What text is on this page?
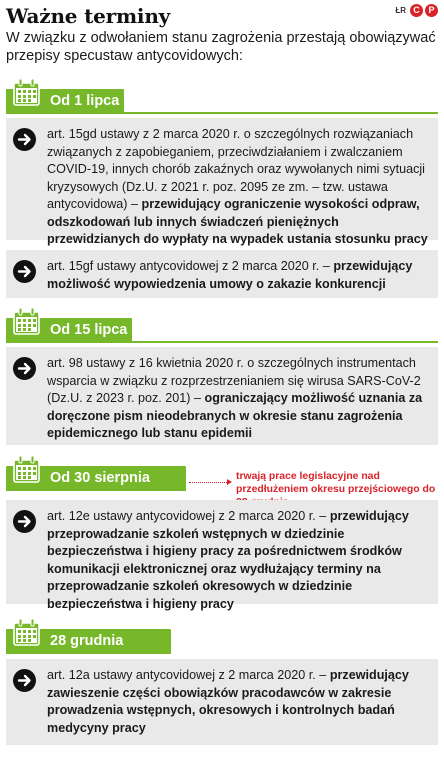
Ważne terminy	ŁR C P
W związku z odwołaniem stanu zagrożenia przestają obowiązywać przepisy specustaw antycovidowych:
Od 1 lipca
art. 15gd ustawy z 2 marca 2020 r. o szczególnych rozwiązaniach związanych z zapobieganiem, przeciwdziałaniem i zwalczaniem COVID-19, innych chorób zakaźnych oraz wywołanych nimi sytuacji kryzysowych (Dz.U. z 2021 r. poz. 2095 ze zm. – tzw. ustawa antycovidowa) – przewidujący ograniczenie wysokości odpraw, odszkodowań lub innych świadczeń pieniężnych przewidzianych do wypłaty na wypadek ustania stosunku pracy
art. 15gf ustawy antycovidowej z 2 marca 2020 r. – przewidujący możliwość wypowiedzenia umowy o zakazie konkurencji
Od 15 lipca
art. 98 ustawy z 16 kwietnia 2020 r. o szczególnych instrumentach wsparcia w związku z rozprzestrzenianiem się wirusa SARS-CoV-2 (Dz.U. z 2023 r. poz. 201) – ograniczający możliwość uznania za doręczone pism nieodebranych w okresie stanu zagrożenia epidemicznego lub stanu epidemii
Od 30 sierpnia	trwają prace legislacyjne nad przedłużeniem okresu przejściowego do
art. 12e ustawy antycovidowej z 2 marca 2020 r. – przewidujący przeprowadzanie szkoleń wstępnych w dziedzinie bezpieczeństwa i higieny pracy za pośrednictwem środków komunikacji elektronicznej oraz wydłużający terminy na przeprowadzanie szkoleń okresowych w dziedzinie bezpieczeństwa i higieny pracy
28 grudnia
art. 12a ustawy antycovidowej z 2 marca 2020 r. – przewidujący zawieszenie części obowiązków pracodawców w zakresie prowadzenia wstępnych, okresowych i kontrolnych badań medycyny pracy
